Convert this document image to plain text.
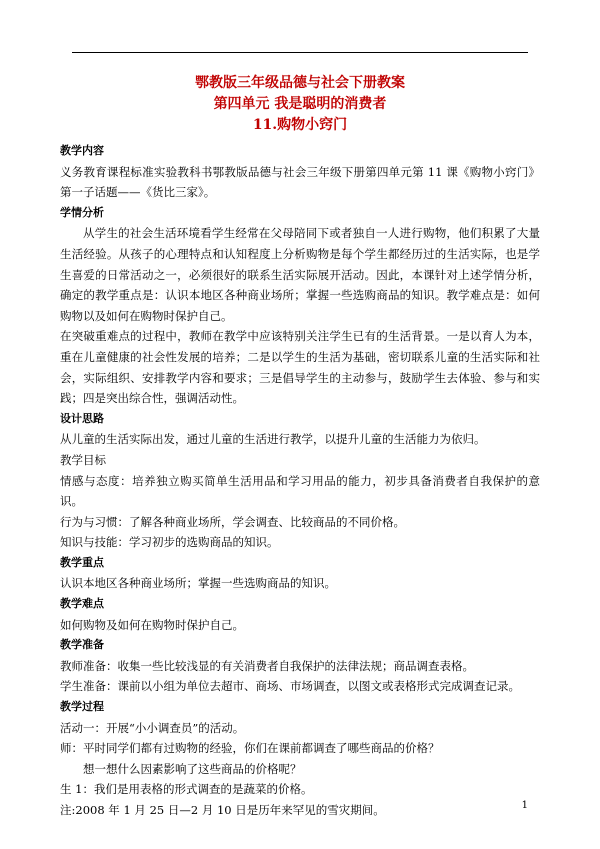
鄂教版三年级品德与社会下册教案
第四单元 我是聪明的消费者
11.购物小窍门

教学内容

义务教育课程标准实验教科书鄂教版品德与社会三年级下册第四单元第 11 课《购物小窍门》第一子话题——《货比三家》。

学情分析

从学生的社会生活环境看学生经常在父母陪同下或者独自一人进行购物，他们积累了大量生活经验。从孩子的心理特点和认知程度上分析购物是每个学生都经历过的生活实际，也是学生喜爱的日常活动之一，必须很好的联系生活实际展开活动。因此，本课针对上述学情分析，确定的教学重点是：认识本地区各种商业场所；掌握一些选购商品的知识。教学难点是：如何购物以及如何在购物时保护自己。

在突破重难点的过程中，教师在教学中应该特别关注学生已有的生活背景。一是以育人为本，重在儿童健康的社会性发展的培养；二是以学生的生活为基础，密切联系儿童的生活实际和社会，实际组织、安排教学内容和要求；三是倡导学生的主动参与，鼓励学生去体验、参与和实践；四是突出综合性，强调活动性。

设计思路

从儿童的生活实际出发，通过儿童的生活进行教学，以提升儿童的生活能力为依归。

教学目标

情感与态度：培养独立购买简单生活用品和学习用品的能力，初步具备消费者自我保护的意识。

行为与习惯：了解各种商业场所，学会调查、比较商品的不同价格。

知识与技能：学习初步的选购商品的知识。

教学重点

认识本地区各种商业场所；掌握一些选购商品的知识。

教学难点

如何购物及如何在购物时保护自己。

教学准备

教师准备：收集一些比较浅显的有关消费者自我保护的法律法规；商品调查表格。

学生准备：课前以小组为单位去超市、商场、市场调查，以图文或表格形式完成调查记录。

教学过程

活动一：开展“小小调查员”的活动。

师：平时同学们都有过购物的经验，你们在课前都调查了哪些商品的价格？

想一想什么因素影响了这些商品的价格呢？

生 1：我们是用表格的形式调查的是蔬菜的价格。

注:2008 年 1 月 25 日—2 月 10 日是历年来罕见的雪灾期间。	1
